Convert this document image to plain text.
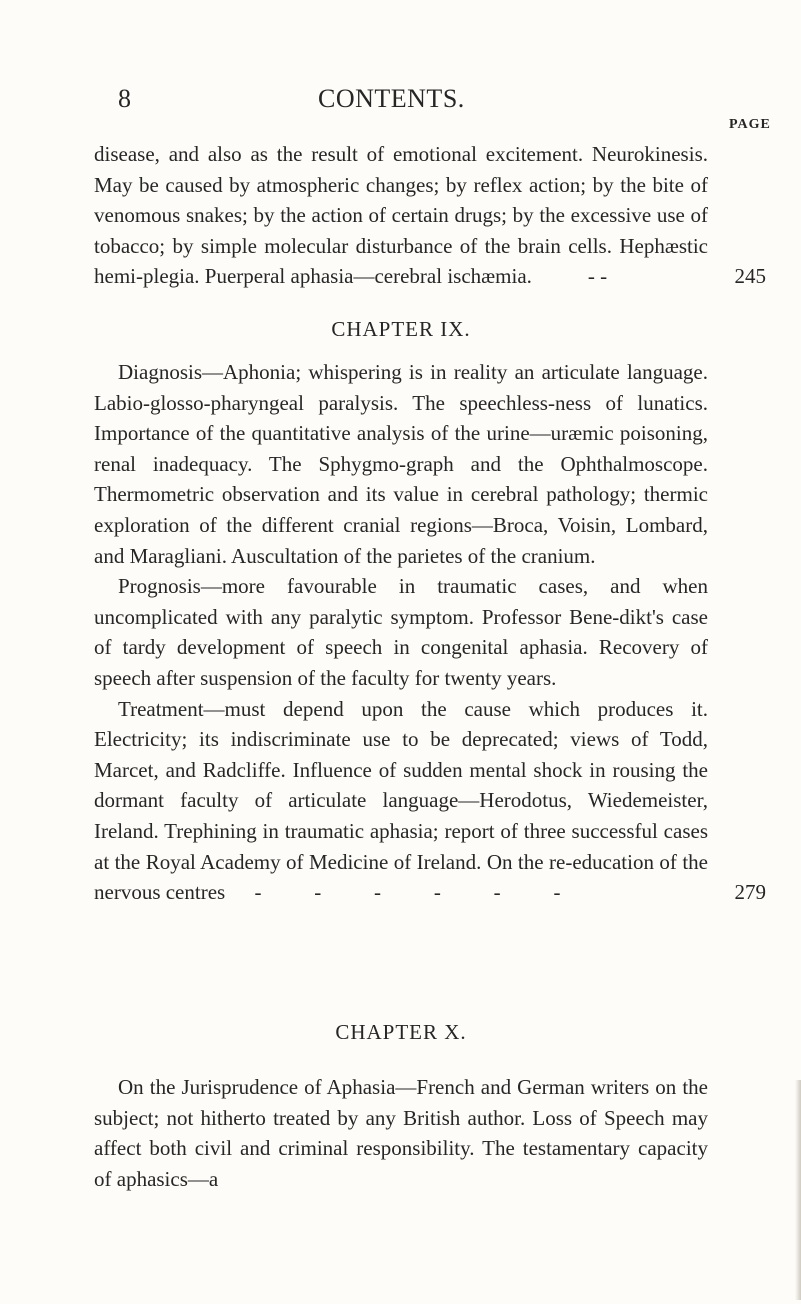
8	CONTENTS.
PAGE

disease, and also as the result of emotional excitement. Neurokinesis. May be caused by atmospheric changes; by reflex action; by the bite of venomous snakes; by the action of certain drugs; by the excessive use of tobacco; by simple molecular disturbance of the brain cells. Hephæstic hemi-plegia. Puerperal aphasia—cerebral ischæmia.	- -	245

CHAPTER IX.

Diagnosis—Aphonia; whispering is in reality an articulate language. Labio-glosso-pharyngeal paralysis. The speechless-ness of lunatics. Importance of the quantitative analysis of the urine—uræmic poisoning, renal inadequacy. The Sphygmo-graph and the Ophthalmoscope. Thermometric observation and its value in cerebral pathology; thermic exploration of the different cranial regions—Broca, Voisin, Lombard, and Maragliani. Auscultation of the parietes of the cranium.

Prognosis—more favourable in traumatic cases, and when uncomplicated with any paralytic symptom. Professor Bene-dikt's case of tardy development of speech in congenital aphasia. Recovery of speech after suspension of the faculty for twenty years.

Treatment—must depend upon the cause which produces it. Electricity; its indiscriminate use to be deprecated; views of Todd, Marcet, and Radcliffe. Influence of sudden mental shock in rousing the dormant faculty of articulate language—Herodotus, Wiedemeister, Ireland. Trephining in traumatic aphasia; report of three successful cases at the Royal Academy of Medicine of Ireland. On the re-education of the nervous centres - - - - - -	279

CHAPTER X.

On the Jurisprudence of Aphasia—French and German writers on the subject; not hitherto treated by any British author. Loss of Speech may affect both civil and criminal responsibility. The testamentary capacity of aphasics—a
